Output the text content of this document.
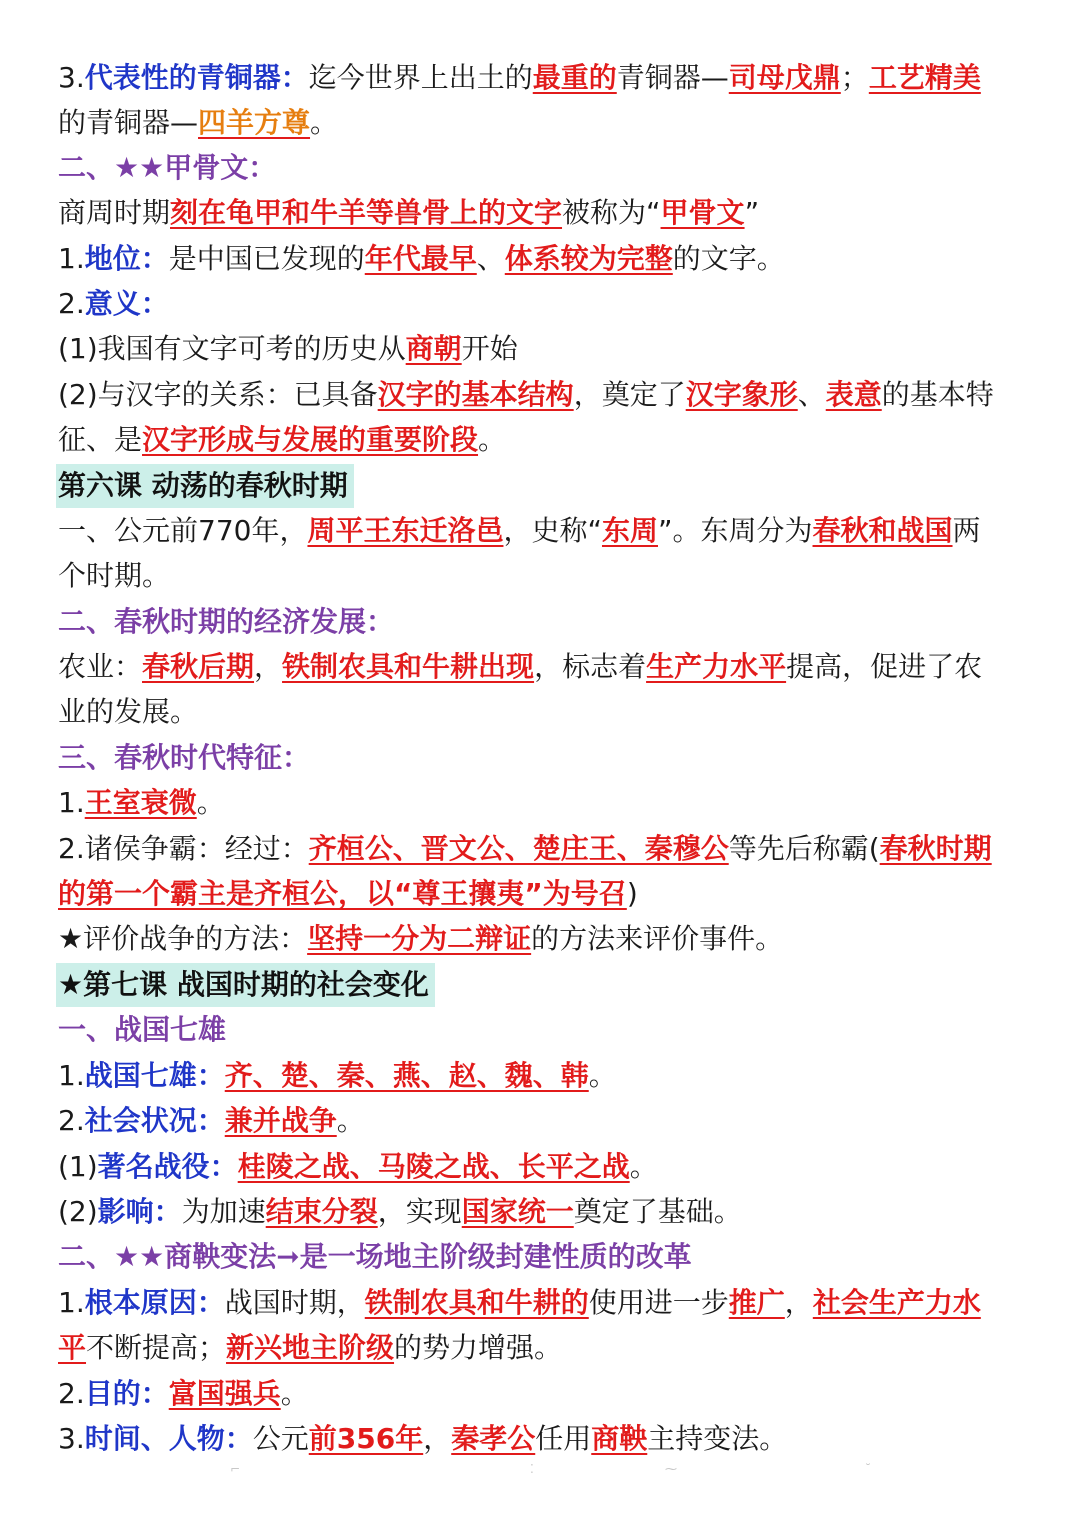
3.代表性的青铜器：迄今世界上出土的最重的青铜器—司母戊鼎；工艺精美
的青铜器—四羊方尊。
二、★★甲骨文：
商周时期刻在龟甲和牛羊等兽骨上的文字被称为“甲骨文”
1.地位：是中国已发现的年代最早、体系较为完整的文字。
2.意义：
(1)我国有文字可考的历史从商朝开始
(2)与汉字的关系：已具备汉字的基本结构，奠定了汉字象形、表意的基本特
征、是汉字形成与发展的重要阶段。
第六课 动荡的春秋时期
一、公元前770年，周平王东迁洛邑，史称“东周”。东周分为春秋和战国两
个时期。
二、春秋时期的经济发展：
农业：春秋后期，铁制农具和牛耕出现，标志着生产力水平提高，促进了农
业的发展。
三、春秋时代特征：
1.王室衰微。
2.诸侯争霸：经过：齐桓公、晋文公、楚庄王、秦穆公等先后称霸(春秋时期
的第一个霸主是齐桓公，以“尊王攘夷”为号召)
★评价战争的方法：坚持一分为二辩证的方法来评价事件。
★第七课 战国时期的社会变化
一、战国七雄
1.战国七雄：齐、楚、秦、燕、赵、魏、韩。
2.社会状况：兼并战争。
(1)著名战役：桂陵之战、马陵之战、长平之战。
(2)影响：为加速结束分裂，实现国家统一奠定了基础。
二、★★商鞅变法➞是一场地主阶级封建性质的改革
1.根本原因：战国时期，铁制农具和牛耕的使用进一步推广，社会生产力水
平不断提高；新兴地主阶级的势力增强。
2.目的：富国强兵。
3.时间、人物：公元前356年，秦孝公任用商鞅主持变法。
⌐	⁚	⁓	˘
